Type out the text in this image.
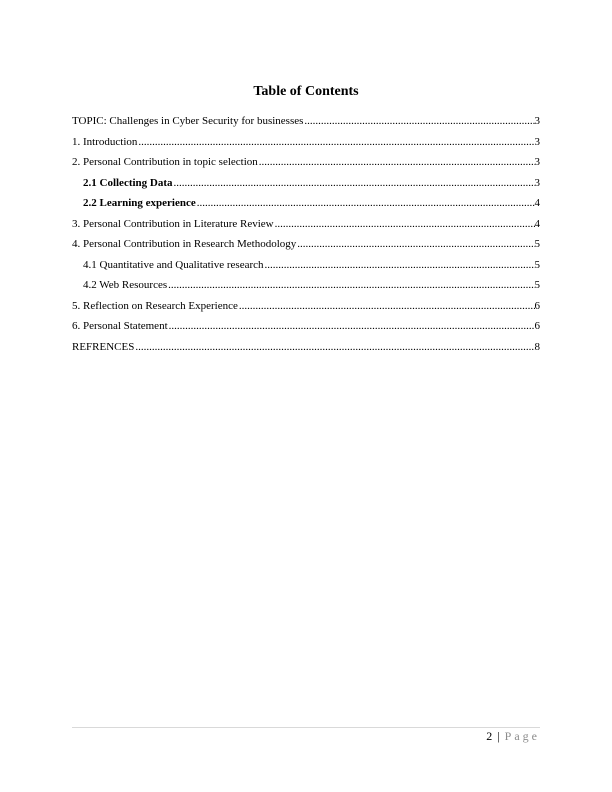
Table of Contents
TOPIC: Challenges in Cyber Security for businesses .....	3
1. Introduction .....	3
2. Personal Contribution in topic selection .....	3
2.1 Collecting Data .....	3
2.2 Learning experience .....	4
3. Personal Contribution in Literature Review .....	4
4. Personal Contribution in Research Methodology .....	5
4.1 Quantitative and Qualitative research .....	5
4.2 Web Resources .....	5
5. Reflection on Research Experience .....	6
6. Personal Statement .....	6
REFRENCES .....	8
2 | Page
